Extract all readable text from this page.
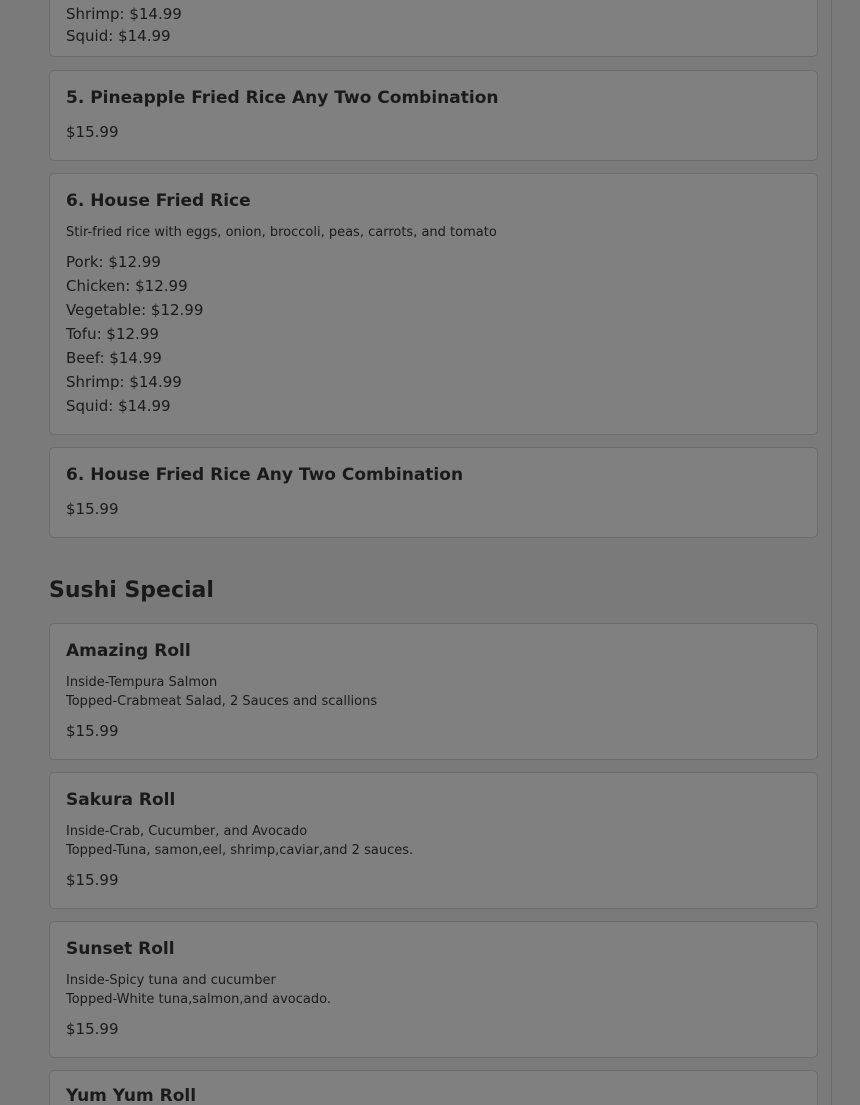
Shrimp: $14.99
Squid: $14.99
5. Pineapple Fried Rice Any Two Combination
$15.99
6. House Fried Rice
Stir-fried rice with eggs, onion, broccoli, peas, carrots, and tomato
Pork: $12.99
Chicken: $12.99
Vegetable: $12.99
Tofu: $12.99
Beef: $14.99
Shrimp: $14.99
Squid: $14.99
6. House Fried Rice Any Two Combination
$15.99
Sushi Special
Amazing Roll
Inside-Tempura Salmon
Topped-Crabmeat Salad, 2 Sauces and scallions
$15.99
Sakura Roll
Inside-Crab, Cucumber, and Avocado
Topped-Tuna, samon,eel, shrimp,caviar,and 2 sauces.
$15.99
Sunset Roll
Inside-Spicy tuna and cucumber
Topped-White tuna,salmon,and avocado.
$15.99
Yum Yum Roll
